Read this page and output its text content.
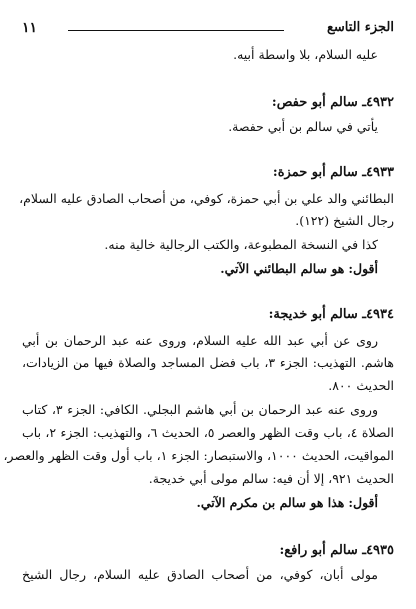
الجزء التاسع
١١
عليه السلام، بلا واسطة أبيه.
٤٩٣٢ـ سالم أبو حفص:
يأتي في سالم بن أبي حفصة.
٤٩٣٣ـ سالم أبو حمزة:
البطائني والد علي بن أبي حمزة، كوفي، من أصحاب الصادق عليه السلام،
رجال الشيخ (١٢٢).
كذا في النسخة المطبوعة، والكتب الرجالية خالية منه.
أقول: هو سالم البطائني الآتي.
٤٩٣٤ـ سالم أبو خديجة:
روى عن أبي عبد الله عليه السلام، وروى عنه عبد الرحمان بن أبي
هاشم. التهذيب: الجزء ٣، باب فضل المساجد والصلاة فيها من الزيادات،
الحديث ٨٠٠.
وروى عنه عبد الرحمان بن أبي هاشم البجلي. الكافي: الجزء ٣، كتاب
الصلاة ٤، باب وقت الظهر والعصر ٥، الحديث ٦، والتهذيب: الجزء ٢، باب
المواقيت، الحديث ١٠٠٠، والاستبصار: الجزء ١، باب أول وقت الظهر والعصر،
الحديث ٩٢١، إلا أن فيه: سالم مولى أبي خديجة.
أقول: هذا هو سالم بن مكرم الآتي.
٤٩٣٥ـ سالم أبو رافع:
مولى أبان، كوفي، من أصحاب الصادق عليه السلام، رجال الشيخ
